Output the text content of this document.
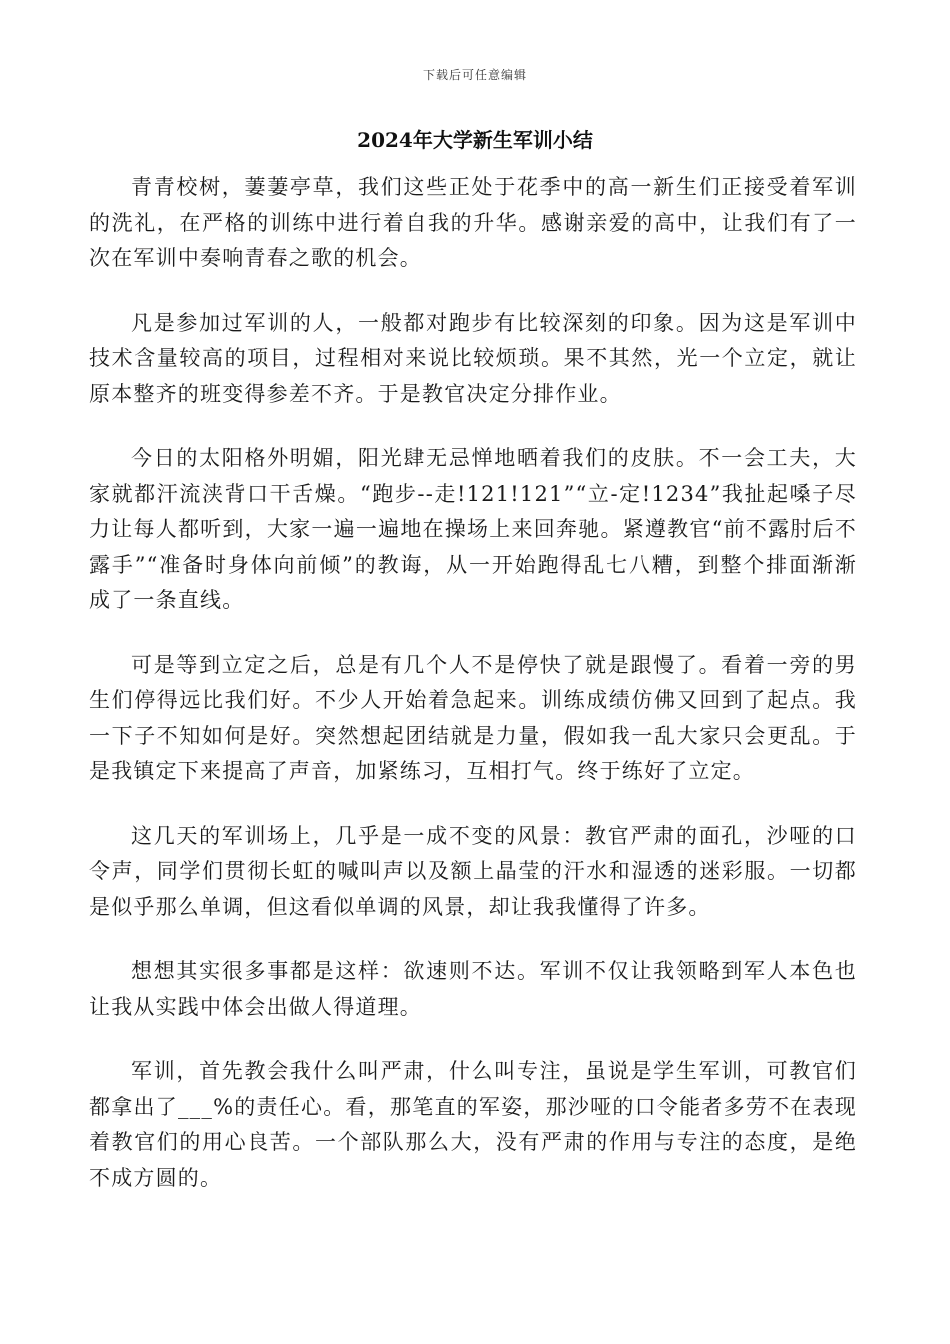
下载后可任意编辑
2024年大学新生军训小结

青青校树，萋萋亭草，我们这些正处于花季中的高一新生们正接受着军训的洗礼，在严格的训练中进行着自我的升华。感谢亲爱的高中，让我们有了一次在军训中奏响青春之歌的机会。

凡是参加过军训的人，一般都对跑步有比较深刻的印象。因为这是军训中技术含量较高的项目，过程相对来说比较烦琐。果不其然，光一个立定，就让原本整齐的班变得参差不齐。于是教官决定分排作业。

今日的太阳格外明媚，阳光肆无忌惮地晒着我们的皮肤。不一会工夫，大家就都汗流浃背口干舌燥。“跑步--走!121!121”“立-定!1234”我扯起嗓子尽力让每人都听到，大家一遍一遍地在操场上来回奔驰。紧遵教官“前不露肘后不露手”“准备时身体向前倾”的教诲，从一开始跑得乱七八糟，到整个排面渐渐成了一条直线。

可是等到立定之后，总是有几个人不是停快了就是跟慢了。看着一旁的男生们停得远比我们好。不少人开始着急起来。训练成绩仿佛又回到了起点。我一下子不知如何是好。突然想起团结就是力量，假如我一乱大家只会更乱。于是我镇定下来提高了声音，加紧练习，互相打气。终于练好了立定。

这几天的军训场上，几乎是一成不变的风景：教官严肃的面孔，沙哑的口令声，同学们贯彻长虹的喊叫声以及额上晶莹的汗水和湿透的迷彩服。一切都是似乎那么单调，但这看似单调的风景，却让我我懂得了许多。

想想其实很多事都是这样：欲速则不达。军训不仅让我领略到军人本色也让我从实践中体会出做人得道理。

军训，首先教会我什么叫严肃，什么叫专注，虽说是学生军训，可教官们都拿出了___%的责任心。看，那笔直的军姿，那沙哑的口令能者多劳不在表现着教官们的用心良苦。一个部队那么大，没有严肃的作用与专注的态度，是绝不成方圆的。
